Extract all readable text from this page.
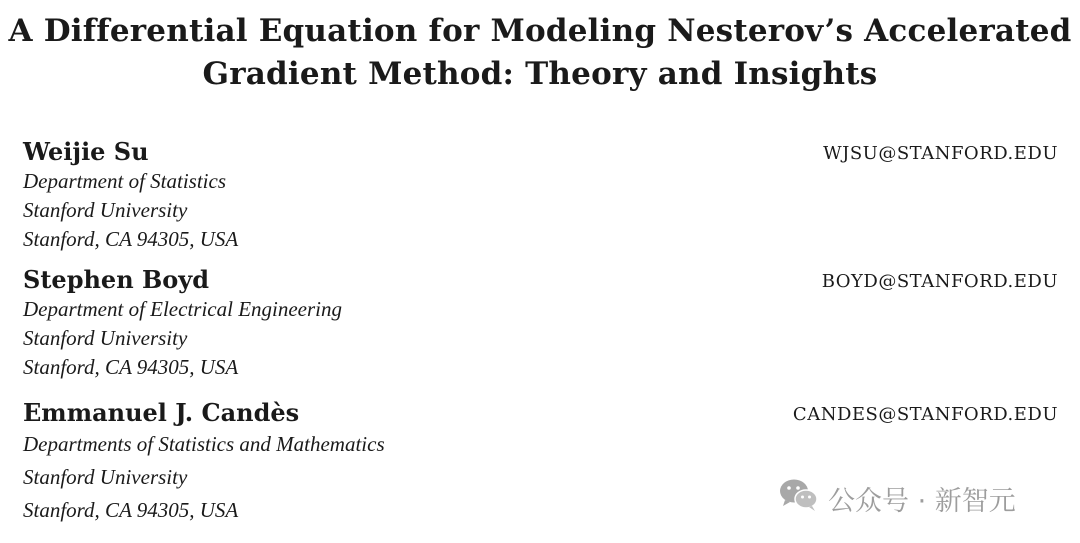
A Differential Equation for Modeling Nesterov’s Accelerated
Gradient Method: Theory and Insights
Weijie Su	WJSU@STANFORD.EDU
Department of Statistics
Stanford University
Stanford, CA 94305, USA
Stephen Boyd	BOYD@STANFORD.EDU
Department of Electrical Engineering
Stanford University
Stanford, CA 94305, USA
Emmanuel J. Candès	CANDES@STANFORD.EDU
Departments of Statistics and Mathematics
Stanford University
Stanford, CA 94305, USA	公众号 · 新智元
